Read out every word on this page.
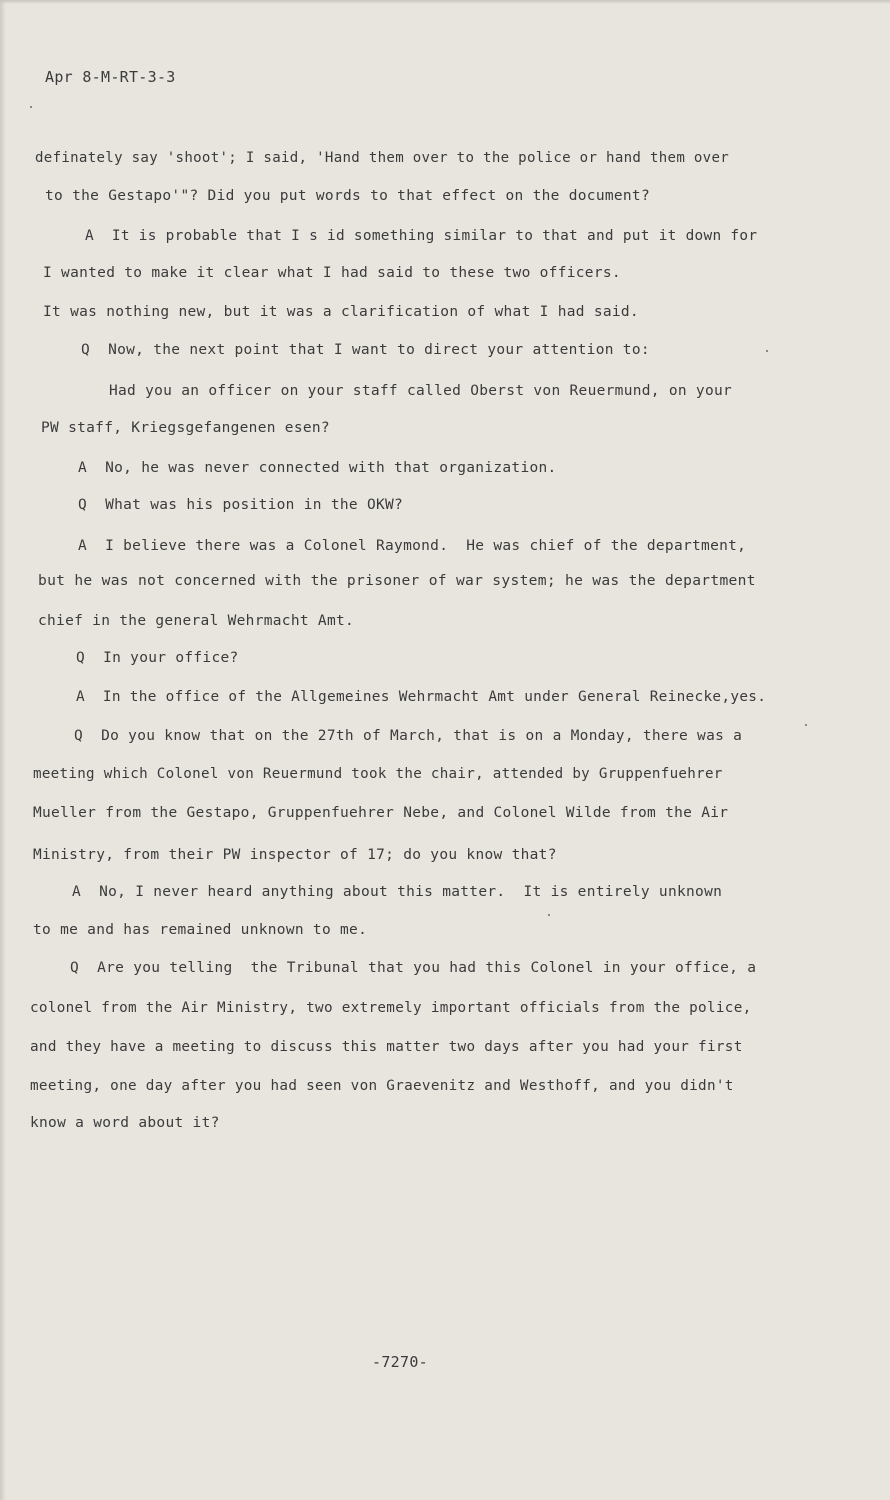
Apr 8-M-RT-3-3
definately say 'shoot'; I said, 'Hand them over to the police or hand them over
to the Gestapo'"? Did you put words to that effect on the document?
A  It is probable that I s id something similar to that and put it down for
I wanted to make it clear what I had said to these two officers.
It was nothing new, but it was a clarification of what I had said.
Q  Now, the next point that I want to direct your attention to:
Had you an officer on your staff called Oberst von Reuermund, on your
PW staff, Kriegsgefangenen esen?
A  No, he was never connected with that organization.
Q  What was his position in the OKW?
A  I believe there was a Colonel Raymond.  He was chief of the department,
but he was not concerned with the prisoner of war system; he was the department
chief in the general Wehrmacht Amt.
Q  In your office?
A  In the office of the Allgemeines Wehrmacht Amt under General Reinecke,yes.
Q  Do you know that on the 27th of March, that is on a Monday, there was a
meeting which Colonel von Reuermund took the chair, attended by Gruppenfuehrer
Mueller from the Gestapo, Gruppenfuehrer Nebe, and Colonel Wilde from the Air
Ministry, from their PW inspector of 17; do you know that?
A  No, I never heard anything about this matter.  It is entirely unknown
to me and has remained unknown to me.
Q  Are you telling  the Tribunal that you had this Colonel in your office, a
colonel from the Air Ministry, two extremely important officials from the police,
and they have a meeting to discuss this matter two days after you had your first
meeting, one day after you had seen von Graevenitz and Westhoff, and you didn't
know a word about it?
-7270-
